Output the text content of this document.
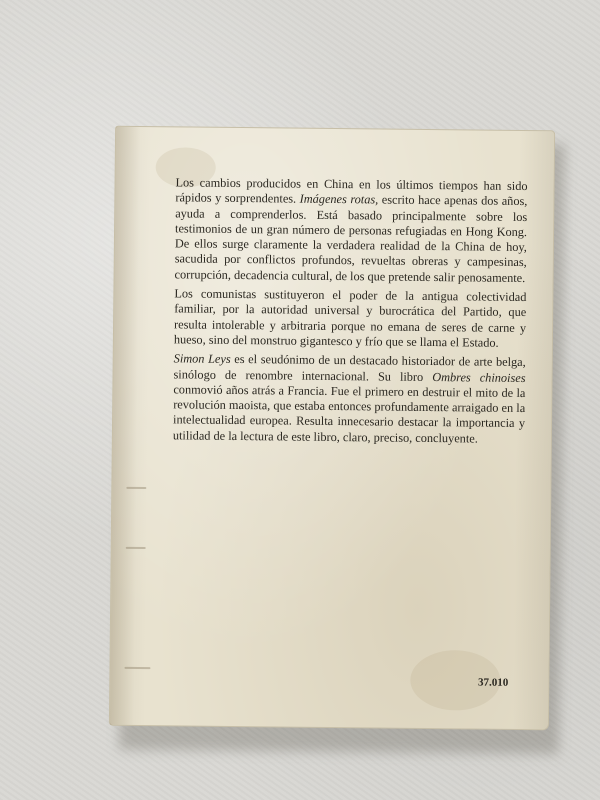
Los cambios producidos en China en los últimos tiempos han sido rápidos y sorprendentes. Imágenes rotas, escrito hace apenas dos años, ayuda a comprenderlos. Está basado principalmente sobre los testimonios de un gran número de personas refugiadas en Hong Kong. De ellos surge claramente la verdadera realidad de la China de hoy, sacudida por conflictos profundos, revueltas obreras y campesinas, corrupción, decadencia cultural, de los que pretende salir penosamente.

Los comunistas sustituyeron el poder de la antigua colectividad familiar, por la autoridad universal y burocrática del Partido, que resulta intolerable y arbitraria porque no emana de seres de carne y hueso, sino del monstruo gigantesco y frío que se llama el Estado.

Simon Leys es el seudónimo de un destacado historiador de arte belga, sinólogo de renombre internacional. Su libro Ombres chinoises conmovió años atrás a Francia. Fue el primero en destruir el mito de la revolución maoista, que estaba entonces profundamente arraigado en la intelectualidad europea. Resulta innecesario destacar la importancia y utilidad de la lectura de este libro, claro, preciso, concluyente.

37.010
